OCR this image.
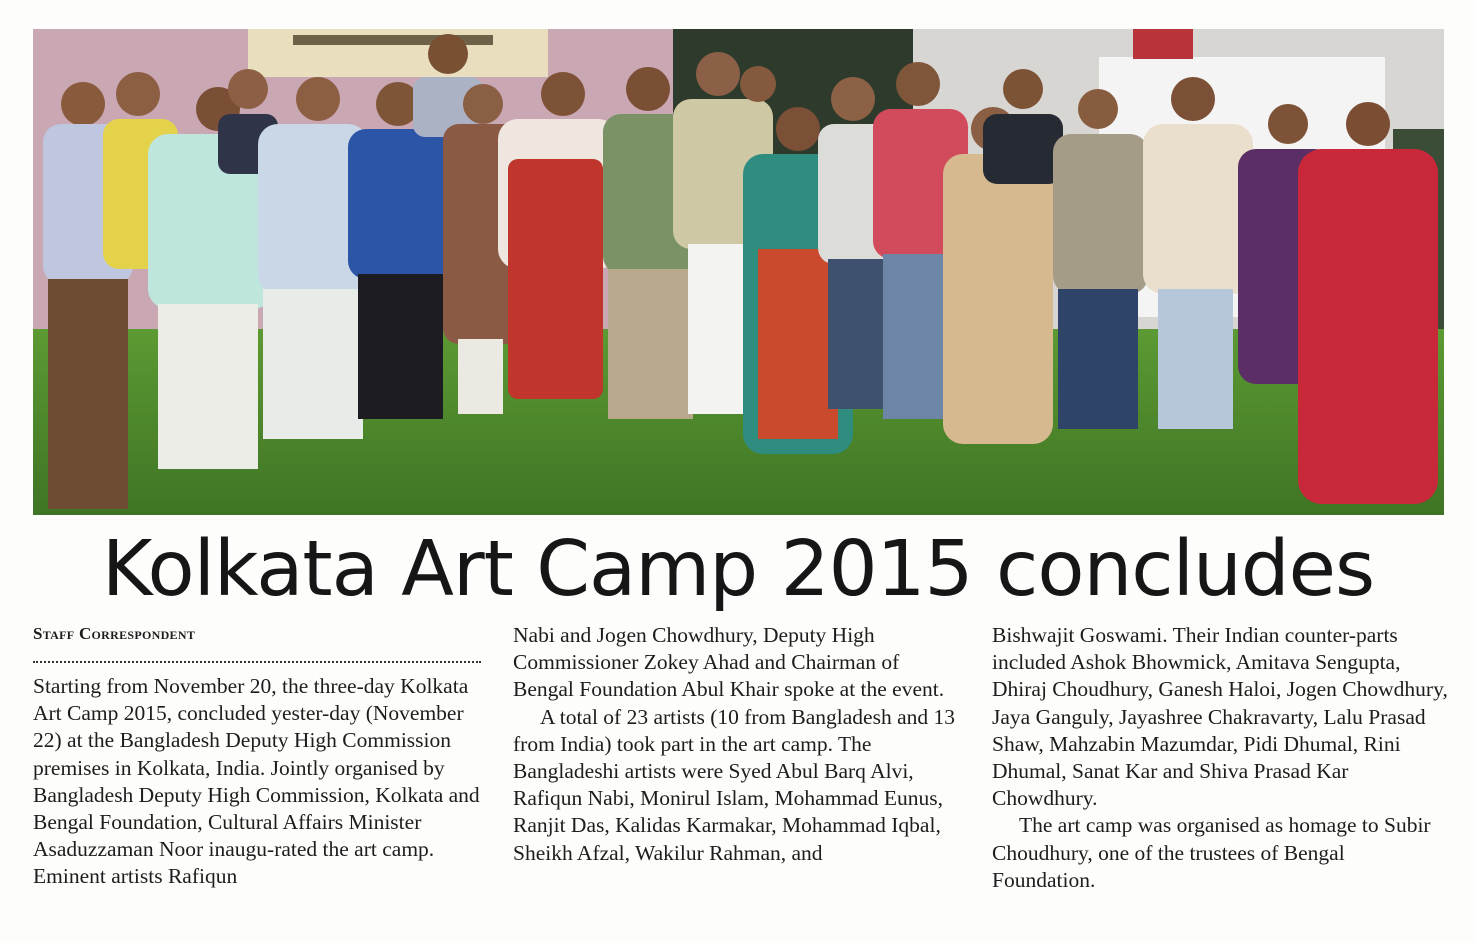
Kolkata Art Camp 2015 concludes

Staff Correspondent

Starting from November 20, the three-day Kolkata Art Camp 2015, concluded yester-day (November 22) at the Bangladesh Deputy High Commission premises in Kolkata, India. Jointly organised by Bangladesh Deputy High Commission, Kolkata and Bengal Foundation, Cultural Affairs Minister Asaduzzaman Noor inaugu-rated the art camp. Eminent artists Rafiqun

Nabi and Jogen Chowdhury, Deputy High Commissioner Zokey Ahad and Chairman of Bengal Foundation Abul Khair spoke at the event.

A total of 23 artists (10 from Bangladesh and 13 from India) took part in the art camp. The Bangladeshi artists were Syed Abul Barq Alvi, Rafiqun Nabi, Monirul Islam, Mohammad Eunus, Ranjit Das, Kalidas Karmakar, Mohammad Iqbal, Sheikh Afzal, Wakilur Rahman, and

Bishwajit Goswami. Their Indian counter-parts included Ashok Bhowmick, Amitava Sengupta, Dhiraj Choudhury, Ganesh Haloi, Jogen Chowdhury, Jaya Ganguly, Jayashree Chakravarty, Lalu Prasad Shaw, Mahzabin Mazumdar, Pidi Dhumal, Rini Dhumal, Sanat Kar and Shiva Prasad Kar Chowdhury.

The art camp was organised as homage to Subir Choudhury, one of the trustees of Bengal Foundation.
